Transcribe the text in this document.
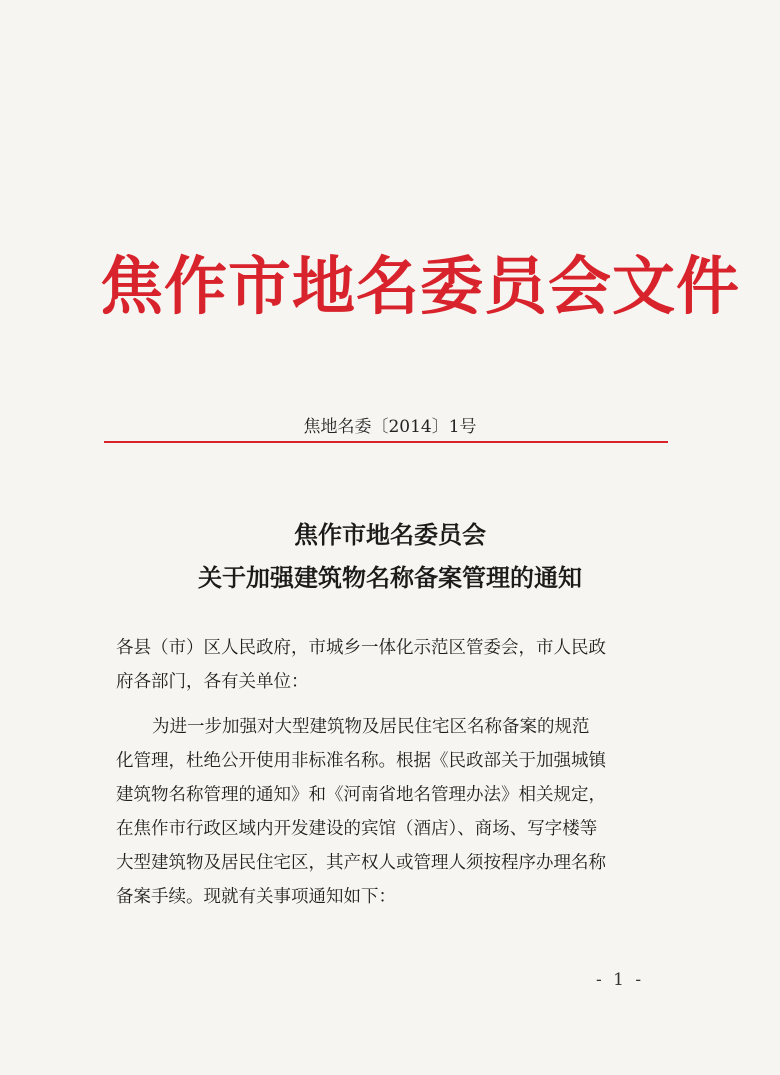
焦作市地名委员会文件
焦地名委〔2014〕1号
焦作市地名委员会
关于加强建筑物名称备案管理的通知
各县（市）区人民政府，市城乡一体化示范区管委会，市人民政
府各部门，各有关单位：
为进一步加强对大型建筑物及居民住宅区名称备案的规范
化管理，杜绝公开使用非标准名称。根据《民政部关于加强城镇
建筑物名称管理的通知》和《河南省地名管理办法》相关规定，
在焦作市行政区域内开发建设的宾馆（酒店）、商场、写字楼等
大型建筑物及居民住宅区，其产权人或管理人须按程序办理名称
备案手续。现就有关事项通知如下：
- 1 -
